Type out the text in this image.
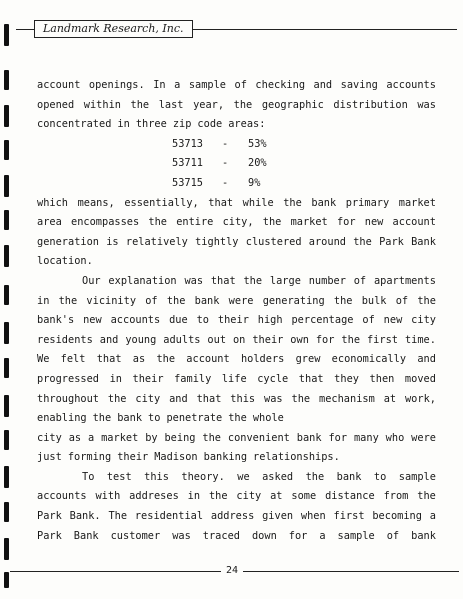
Landmark Research, Inc.
account openings. In a sample of checking and saving accounts
opened within the last year, the geographic distribution was
concentrated in three zip code areas:
53713	-	53%
53711	-	20%
53715	-	9%
which means, essentially, that while the bank primary market
area encompasses the entire city, the market for new account
generation is relatively tightly clustered around the Park Bank
location.
Our explanation was that the large number of apartments
in the vicinity of the bank were generating the bulk of the
bank's new accounts due to their high percentage of new city
residents and young adults out on their own for the first time.
We felt that as the account holders grew economically and
progressed in their family life cycle that they then moved
throughout the city and that this was the mechanism at work,
enabling the bank to penetrate the whole
city as a market by being the convenient bank for many who were
just forming their Madison banking relationships.
To test this theory. we asked the bank to sample
accounts with addreses in the city at some distance from the
Park Bank. The residential address given when first becoming a
Park Bank customer was traced down for a sample of bank
24
